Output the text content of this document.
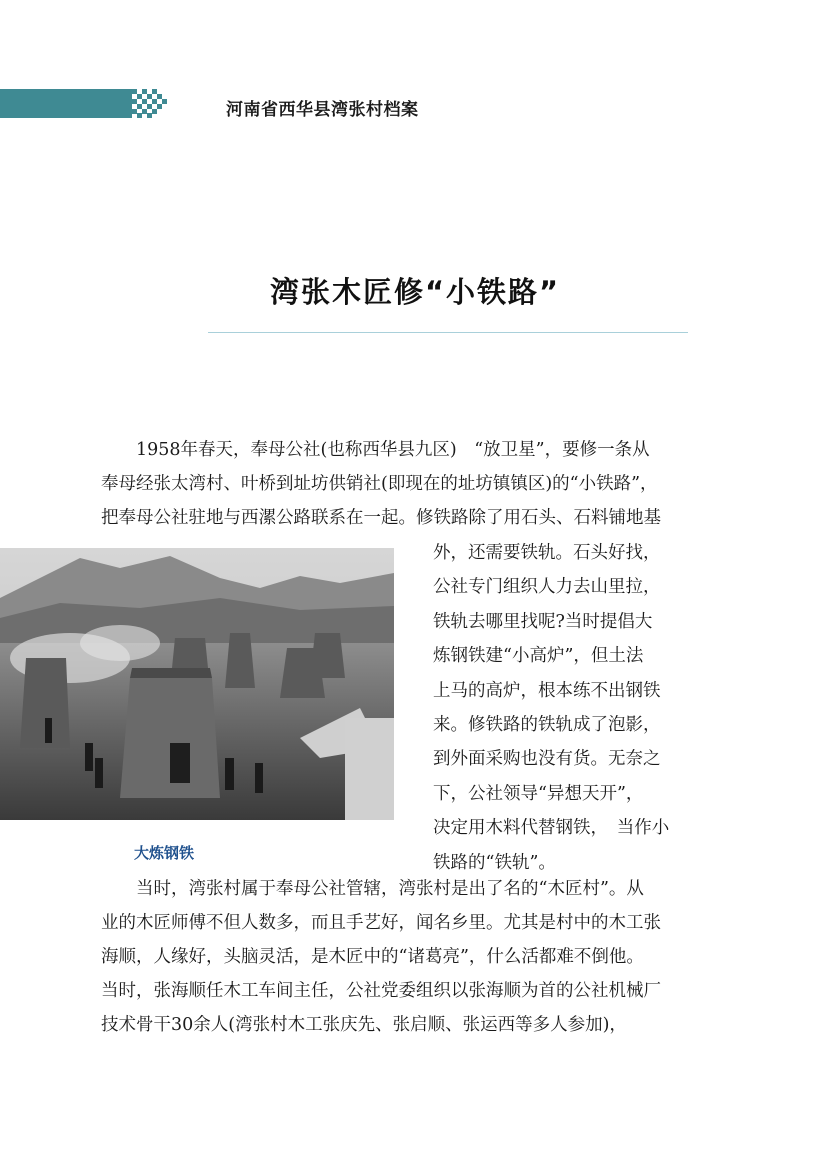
河南省西华县湾张村档案
湾张木匠修“小铁路”

1958年春天，奉母公社(也称西华县九区)　“放卫星”，要修一条从
奉母经张太湾村、叶桥到址坊供销社(即现在的址坊镇镇区)的“小铁路”，
把奉母公社驻地与西漯公路联系在一起。修铁路除了用石头、石料铺地基

大炼钢铁
外，还需要铁轨。石头好找，
公社专门组织人力去山里拉，
铁轨去哪里找呢?当时提倡大
炼钢铁建“小高炉”，但土法
上马的高炉，根本练不出钢铁
来。修铁路的铁轨成了泡影，
到外面采购也没有货。无奈之
下，公社领导“异想天开”，
决定用木料代替钢铁，　当作小
铁路的“铁轨”。

当时，湾张村属于奉母公社管辖，湾张村是出了名的“木匠村”。从
业的木匠师傅不但人数多，而且手艺好，闻名乡里。尤其是村中的木工张
海顺，人缘好，头脑灵活，是木匠中的“诸葛亮”，什么活都难不倒他。
当时，张海顺任木工车间主任，公社党委组织以张海顺为首的公社机械厂
技术骨干30余人(湾张村木工张庆先、张启顺、张运西等多人参加)，
